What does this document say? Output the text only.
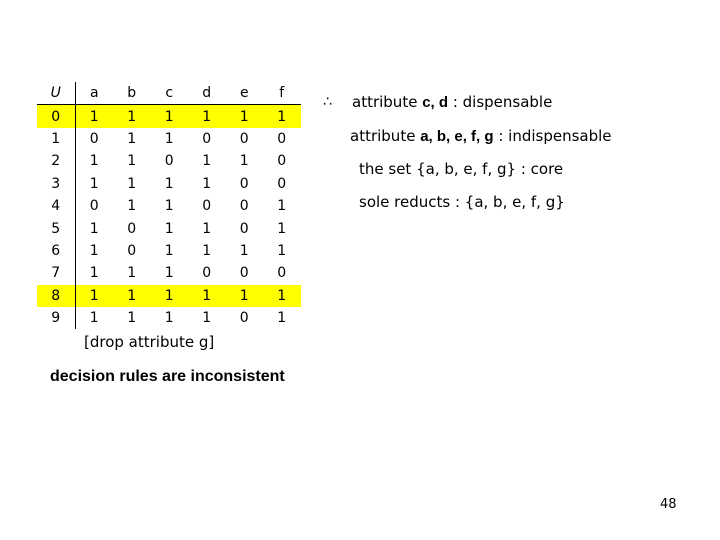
U	a	b	c	d	e	f
0	1	1	1	1	1	1
1	0	1	1	0	0	0
2	1	1	0	1	1	0
3	1	1	1	1	0	0
4	0	1	1	0	0	1
5	1	0	1	1	0	1
6	1	0	1	1	1	1
7	1	1	1	0	0	0
8	1	1	1	1	1	1
9	1	1	1	1	0	1
∴	attribute c, d : dispensable
attribute a, b, e, f, g : indispensable
the set {a, b, e, f, g} : core
sole reducts : {a, b, e, f, g}
[drop attribute g]
decision rules are inconsistent
48
